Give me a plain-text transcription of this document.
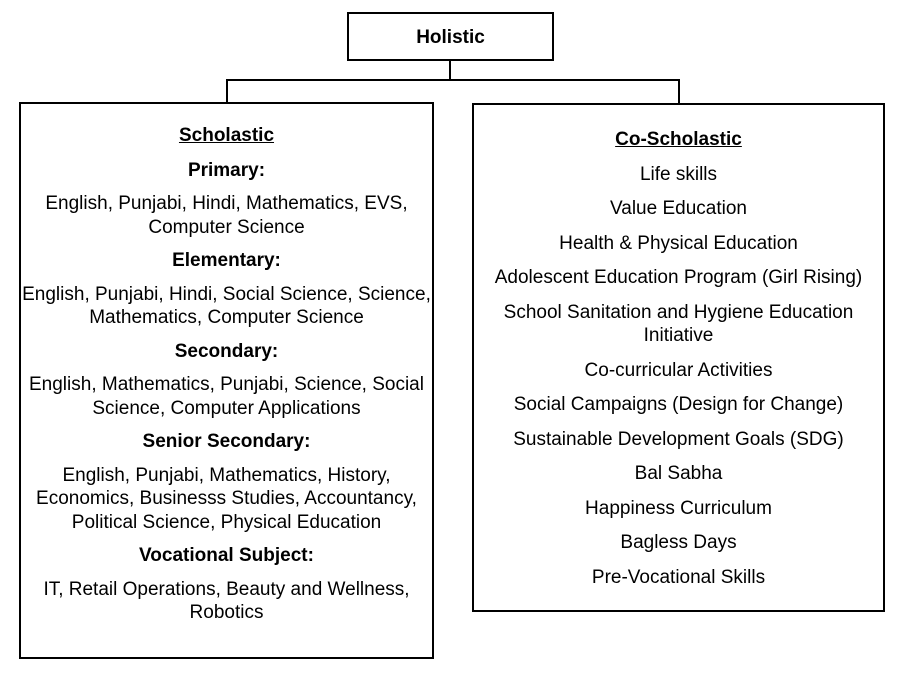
Holistic
Scholastic
Primary:
English, Punjabi, Hindi, Mathematics, EVS,
Computer Science
Elementary:
English, Punjabi, Hindi, Social Science, Science,
Mathematics, Computer Science
Secondary:
English, Mathematics, Punjabi, Science, Social
Science, Computer Applications
Senior Secondary:
English, Punjabi, Mathematics, History,
Economics, Businesss Studies, Accountancy,
Political Science, Physical Education
Vocational Subject:
IT, Retail Operations, Beauty and Wellness,
Robotics
Co-Scholastic
Life skills
Value Education
Health & Physical Education
Adolescent Education Program (Girl Rising)
School Sanitation and Hygiene Education
Initiative
Co-curricular Activities
Social Campaigns (Design for Change)
Sustainable Development Goals (SDG)
Bal Sabha
Happiness Curriculum
Bagless Days
Pre-Vocational Skills
